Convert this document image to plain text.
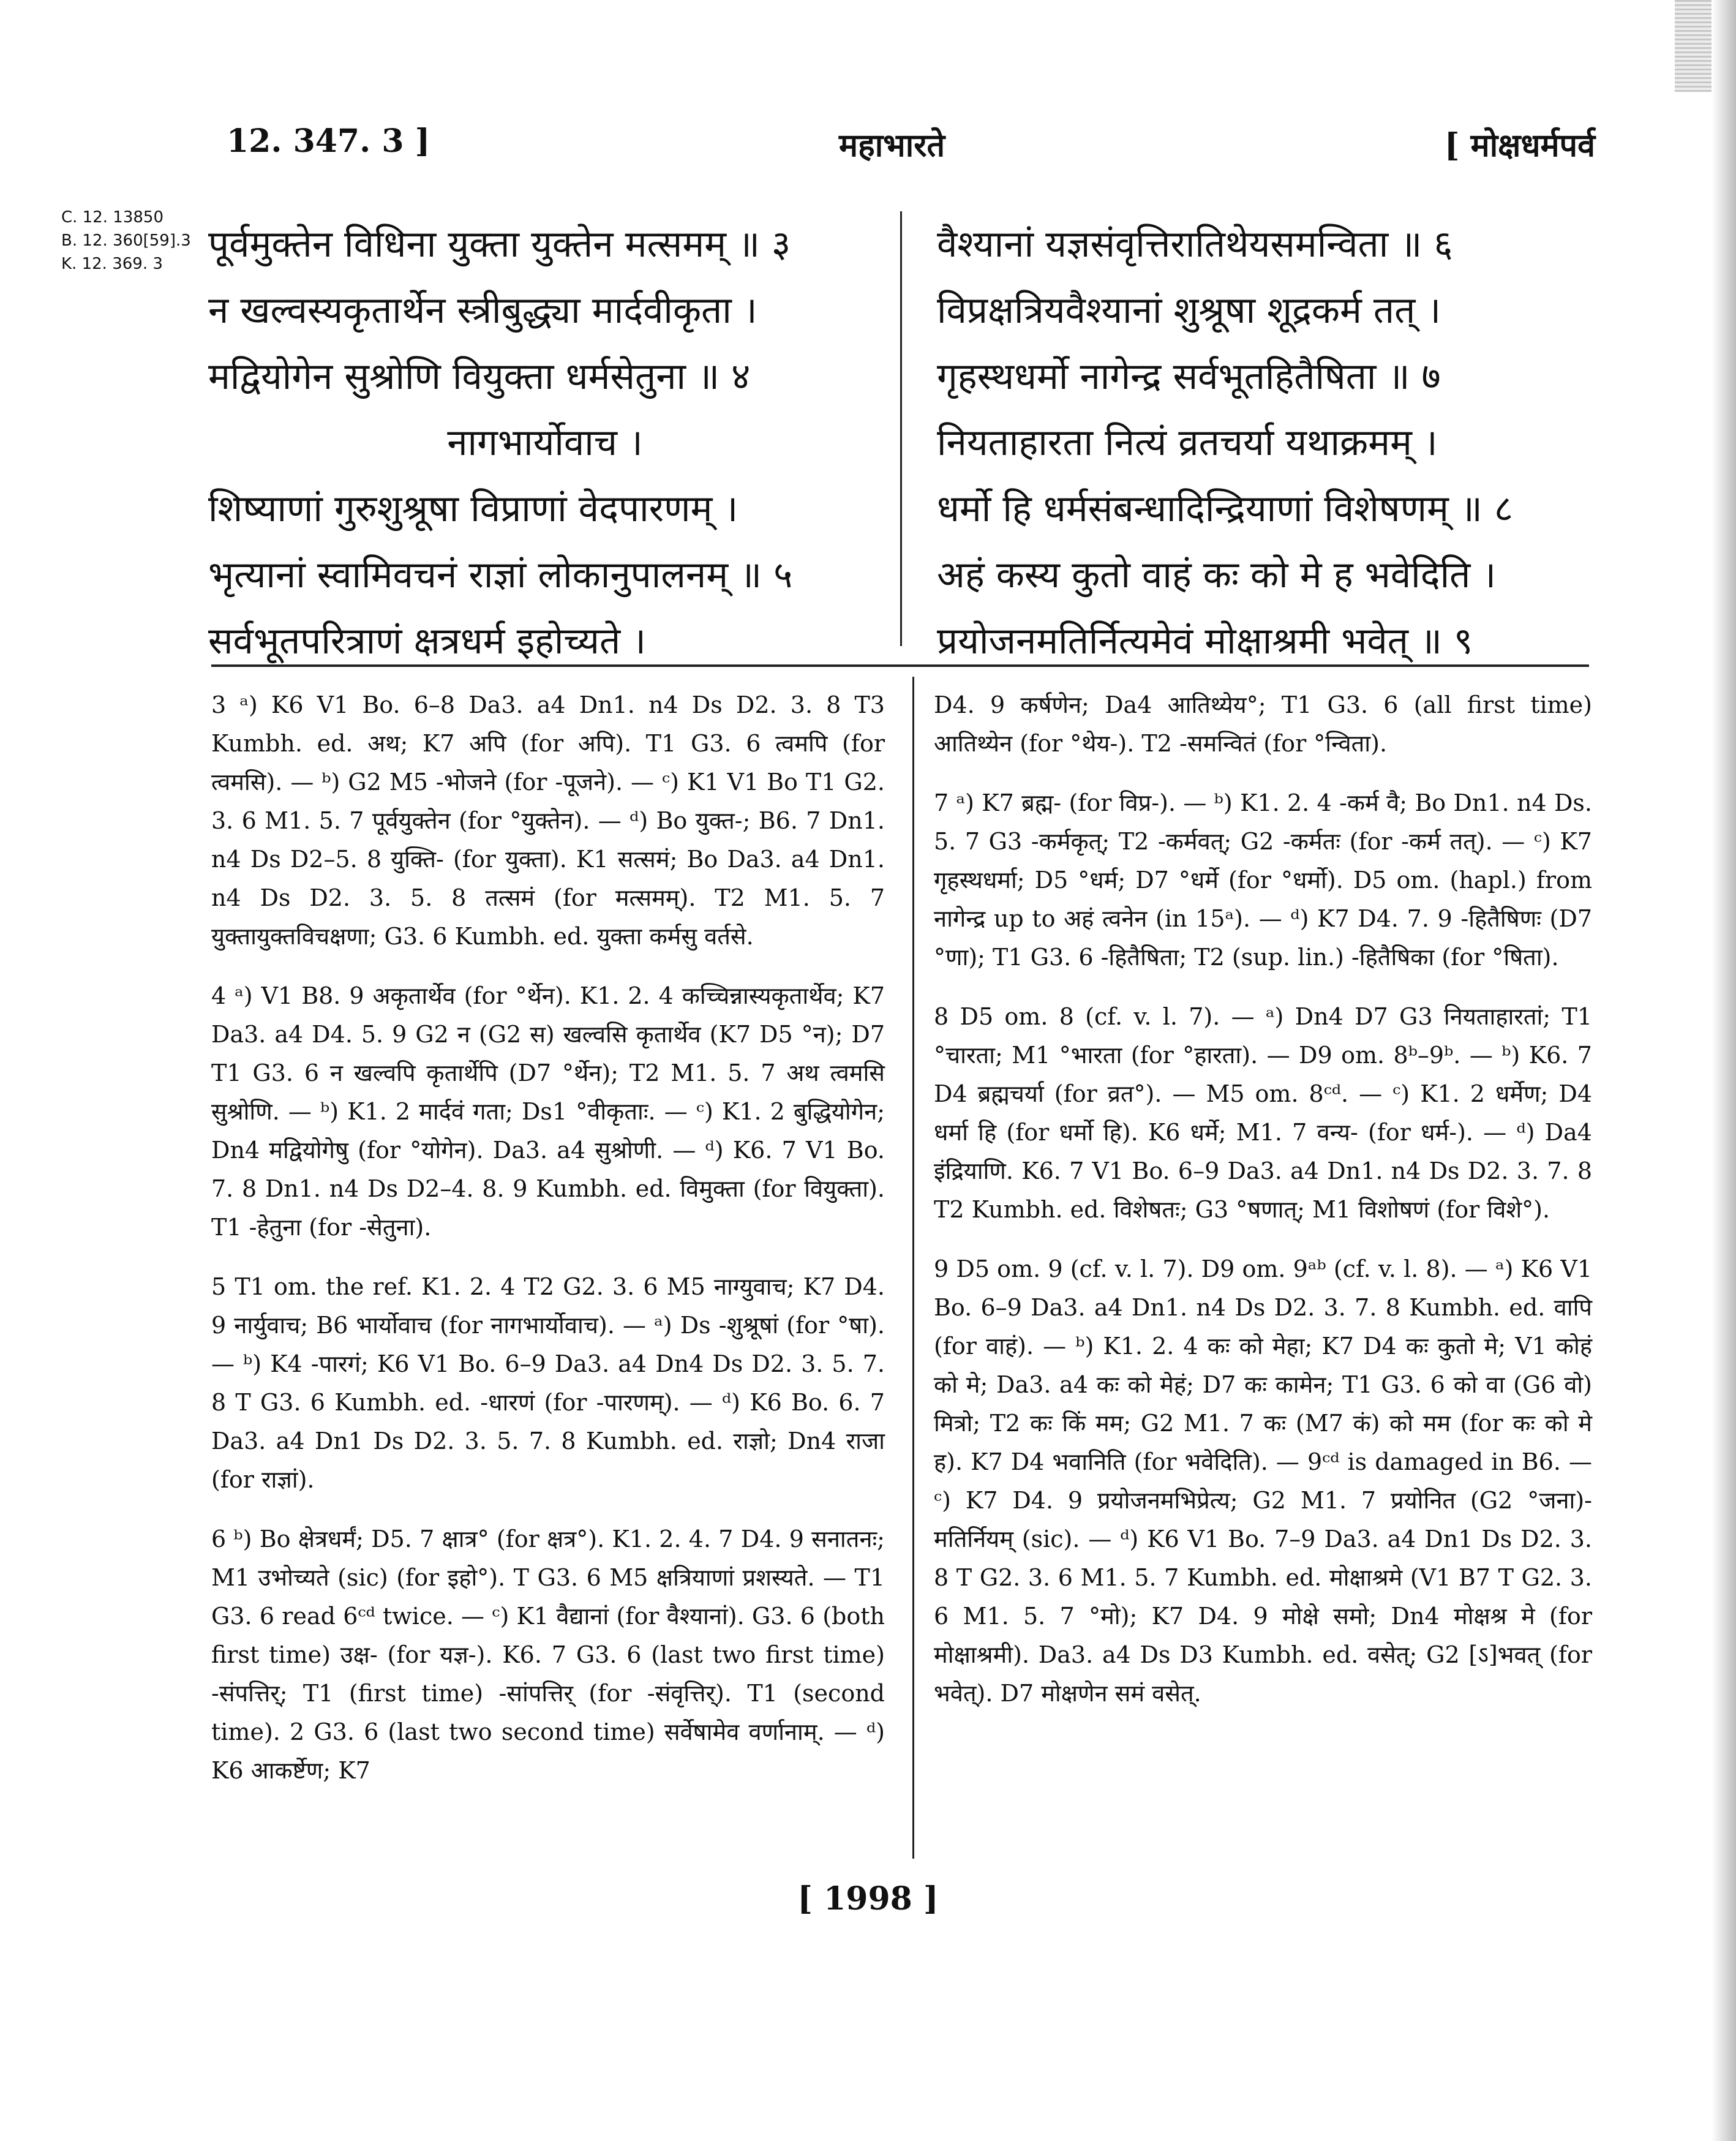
12. 347. 3 ]	महाभारते	[ मोक्षधर्मपर्व
C. 12. 13850
B. 12. 360[59].3
K. 12. 369. 3	पूर्वमुक्तेन विधिना युक्ता युक्तेन मत्समम् ॥ ३
न खल्वस्यकृतार्थेन स्त्रीबुद्ध्या मार्दवीकृता ।
मद्वियोगेन सुश्रोणि वियुक्ता धर्मसेतुना ॥ ४
नागभार्योवाच ।
शिष्याणां गुरुशुश्रूषा विप्राणां वेदपारणम् ।
भृत्यानां स्वामिवचनं राज्ञां लोकानुपालनम् ॥ ५
सर्वभूतपरित्राणं क्षत्रधर्म इहोच्यते ।
वैश्यानां यज्ञसंवृत्तिरातिथेयसमन्विता ॥ ६
विप्रक्षत्रियवैश्यानां शुश्रूषा शूद्रकर्म तत् ।
गृहस्थधर्मो नागेन्द्र सर्वभूतहितैषिता ॥ ७
नियताहारता नित्यं व्रतचर्या यथाक्रमम् ।
धर्मो हि धर्मसंबन्धादिन्द्रियाणां विशेषणम् ॥ ८
अहं कस्य कुतो वाहं कः को मे ह भवेदिति ।
प्रयोजनमतिर्नित्यमेवं मोक्षाश्रमी भवेत् ॥ ९

3 ᵃ) K6 V1 Bo. 6–8 Da3. a4 Dn1. n4 Ds D2. 3. 8 T3 Kumbh. ed. अथ; K7 अपि (for अपि). T1 G3. 6 त्वमपि (for त्वमसि). — ᵇ) G2 M5 -भोजने (for -पूजने). — ᶜ) K1 V1 Bo T1 G2. 3. 6 M1. 5. 7 पूर्वयुक्तेन (for °युक्तेन). — ᵈ) Bo युक्त-; B6. 7 Dn1. n4 Ds D2–5. 8 युक्ति- (for युक्ता). K1 सत्समं; Bo Da3. a4 Dn1. n4 Ds D2. 3. 5. 8 तत्समं (for मत्समम्). T2 M1. 5. 7 युक्तायुक्तविचक्षणा; G3. 6 Kumbh. ed. युक्ता कर्मसु वर्तसे.

4 ᵃ) V1 B8. 9 अकृतार्थेव (for °र्थेन). K1. 2. 4 कच्चिन्नास्यकृतार्थेव; K7 Da3. a4 D4. 5. 9 G2 न (G2 स) खल्वसि कृतार्थेव (K7 D5 °न); D7 T1 G3. 6 न खल्वपि कृतार्थेपि (D7 °र्थेन); T2 M1. 5. 7 अथ त्वमसि सुश्रोणि. — ᵇ) K1. 2 मार्दवं गता; Ds1 °वीकृताः. — ᶜ) K1. 2 बुद्धियोगेन; Dn4 मद्वियोगेषु (for °योगेन). Da3. a4 सुश्रोणी. — ᵈ) K6. 7 V1 Bo. 7. 8 Dn1. n4 Ds D2–4. 8. 9 Kumbh. ed. विमुक्ता (for वियुक्ता). T1 -हेतुना (for -सेतुना).

5 T1 om. the ref. K1. 2. 4 T2 G2. 3. 6 M5 नाग्युवाच; K7 D4. 9 नार्युवाच; B6 भार्योवाच (for नागभार्योवाच). — ᵃ) Ds -शुश्रूषां (for °षा). — ᵇ) K4 -पारगं; K6 V1 Bo. 6–9 Da3. a4 Dn4 Ds D2. 3. 5. 7. 8 T G3. 6 Kumbh. ed. -धारणं (for -पारणम्). — ᵈ) K6 Bo. 6. 7 Da3. a4 Dn1 Ds D2. 3. 5. 7. 8 Kumbh. ed. राज्ञो; Dn4 राजा (for राज्ञां).

6 ᵇ) Bo क्षेत्रधर्मं; D5. 7 क्षात्र° (for क्षत्र°). K1. 2. 4. 7 D4. 9 सनातनः; M1 उभोच्यते (sic) (for इहो°). T G3. 6 M5 क्षत्रियाणां प्रशस्यते. — T1 G3. 6 read 6ᶜᵈ twice. — ᶜ) K1 वैद्यानां (for वैश्यानां). G3. 6 (both first time) उक्ष- (for यज्ञ-). K6. 7 G3. 6 (last two first time) -संपत्तिर्; T1 (first time) -सांपत्तिर् (for -संवृत्तिर्). T1 (second time). 2 G3. 6 (last two second time) सर्वेषामेव वर्णानाम्. — ᵈ) K6 आकर्ष्टेण; K7

D4. 9 कर्षणेन; Da4 आतिथ्येय°; T1 G3. 6 (all first time) आतिथ्येन (for °थेय-). T2 -समन्वितं (for °न्विता).

7 ᵃ) K7 ब्रह्म- (for विप्र-). — ᵇ) K1. 2. 4 -कर्म वै; Bo Dn1. n4 Ds. 5. 7 G3 -कर्मकृत्; T2 -कर्मवत्; G2 -कर्मतः (for -कर्म तत्). — ᶜ) K7 गृहस्थधर्मा; D5 °धर्म; D7 °धर्मे (for °धर्मो). D5 om. (hapl.) from नागेन्द्र up to अहं त्वनेन (in 15ᵃ). — ᵈ) K7 D4. 7. 9 -हितैषिणः (D7 °णा); T1 G3. 6 -हितैषिता; T2 (sup. lin.) -हितैषिका (for °षिता).

8 D5 om. 8 (cf. v. l. 7). — ᵃ) Dn4 D7 G3 नियताहारतां; T1 °चारता; M1 °भारता (for °हारता). — D9 om. 8ᵇ–9ᵇ. — ᵇ) K6. 7 D4 ब्रह्मचर्या (for व्रत°). — M5 om. 8ᶜᵈ. — ᶜ) K1. 2 धर्मेण; D4 धर्मा हि (for धर्मो हि). K6 धर्मे; M1. 7 वन्य- (for धर्म-). — ᵈ) Da4 इंद्रियाणि. K6. 7 V1 Bo. 6–9 Da3. a4 Dn1. n4 Ds D2. 3. 7. 8 T2 Kumbh. ed. विशेषतः; G3 °षणात्; M1 विशोषणं (for विशे°).

9 D5 om. 9 (cf. v. l. 7). D9 om. 9ᵃᵇ (cf. v. l. 8). — ᵃ) K6 V1 Bo. 6–9 Da3. a4 Dn1. n4 Ds D2. 3. 7. 8 Kumbh. ed. वापि (for वाहं). — ᵇ) K1. 2. 4 कः को मेहा; K7 D4 कः कुतो मे; V1 कोहं को मे; Da3. a4 कः को मेहं; D7 कः कामेन; T1 G3. 6 को वा (G6 वो) मित्रो; T2 कः किं मम; G2 M1. 7 कः (M7 कं) को मम (for कः को मे ह). K7 D4 भवानिति (for भवेदिति). — 9ᶜᵈ is damaged in B6. — ᶜ) K7 D4. 9 प्रयोजनमभिप्रेत्य; G2 M1. 7 प्रयोनित (G2 °जना)-मतिर्नियम् (sic). — ᵈ) K6 V1 Bo. 7–9 Da3. a4 Dn1 Ds D2. 3. 8 T G2. 3. 6 M1. 5. 7 Kumbh. ed. मोक्षाश्रमे (V1 B7 T G2. 3. 6 M1. 5. 7 °मो); K7 D4. 9 मोक्षे समो; Dn4 मोक्षश्र मे (for मोक्षाश्रमी). Da3. a4 Ds D3 Kumbh. ed. वसेत्; G2 [ऽ]भवत् (for भवेत्). D7 मोक्षणेन समं वसेत्.

[ 1998 ]
